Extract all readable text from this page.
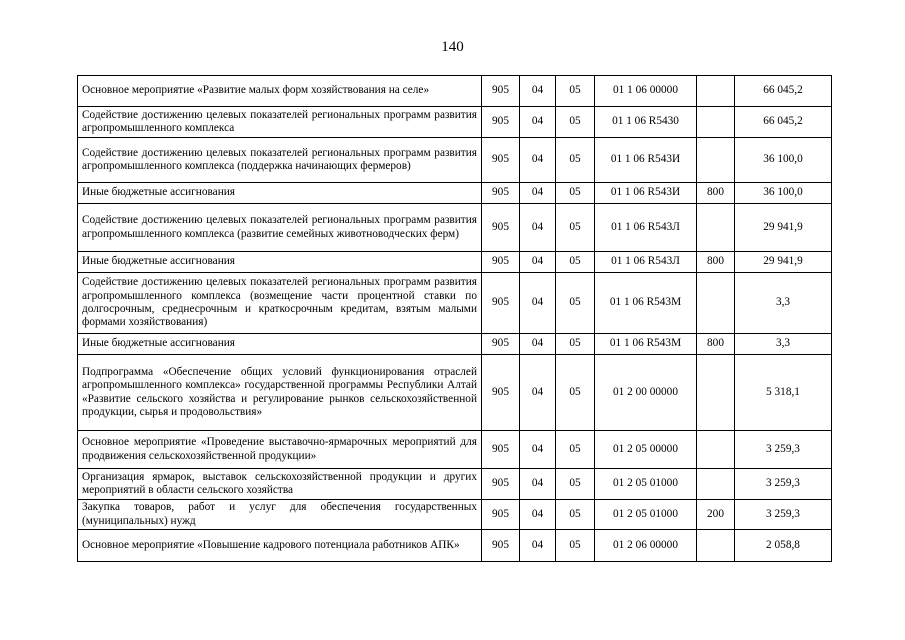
140
Основное мероприятие «Развитие малых форм хозяйствования на селе»	905	04	05	01 1 06 00000		66 045,2
Содействие достижению целевых показателей региональных программ развития агропромышленного комплекса	905	04	05	01 1 06 R5430		66 045,2
Содействие достижению целевых показателей региональных программ развития агропромышленного комплекса (поддержка начинающих фермеров)	905	04	05	01 1 06 R543И		36 100,0
Иные бюджетные ассигнования	905	04	05	01 1 06 R543И	800	36 100,0
Содействие достижению целевых показателей региональных программ развития агропромышленного комплекса (развитие семейных животноводческих ферм)	905	04	05	01 1 06 R543Л		29 941,9
Иные бюджетные ассигнования	905	04	05	01 1 06 R543Л	800	29 941,9
Содействие достижению целевых показателей региональных программ развития агропромышленного комплекса (возмещение части процентной ставки по долгосрочным, среднесрочным и краткосрочным кредитам, взятым малыми формами хозяйствования)	905	04	05	01 1 06 R543М		3,3
Иные бюджетные ассигнования	905	04	05	01 1 06 R543М	800	3,3
Подпрограмма «Обеспечение общих условий функционирования отраслей агропромышленного комплекса» государственной программы Республики Алтай «Развитие сельского хозяйства и регулирование рынков сельскохозяйственной продукции, сырья и продовольствия»	905	04	05	01 2 00 00000		5 318,1
Основное мероприятие «Проведение выставочно-ярмарочных мероприятий для продвижения сельскохозяйственной продукции»	905	04	05	01 2 05 00000		3 259,3
Организация ярмарок, выставок сельскохозяйственной продукции и других мероприятий в области сельского хозяйства	905	04	05	01 2 05 01000		3 259,3
Закупка товаров, работ и услуг для обеспечения государственных (муниципальных) нужд	905	04	05	01 2 05 01000	200	3 259,3
Основное мероприятие «Повышение кадрового потенциала работников АПК»	905	04	05	01 2 06 00000		2 058,8
